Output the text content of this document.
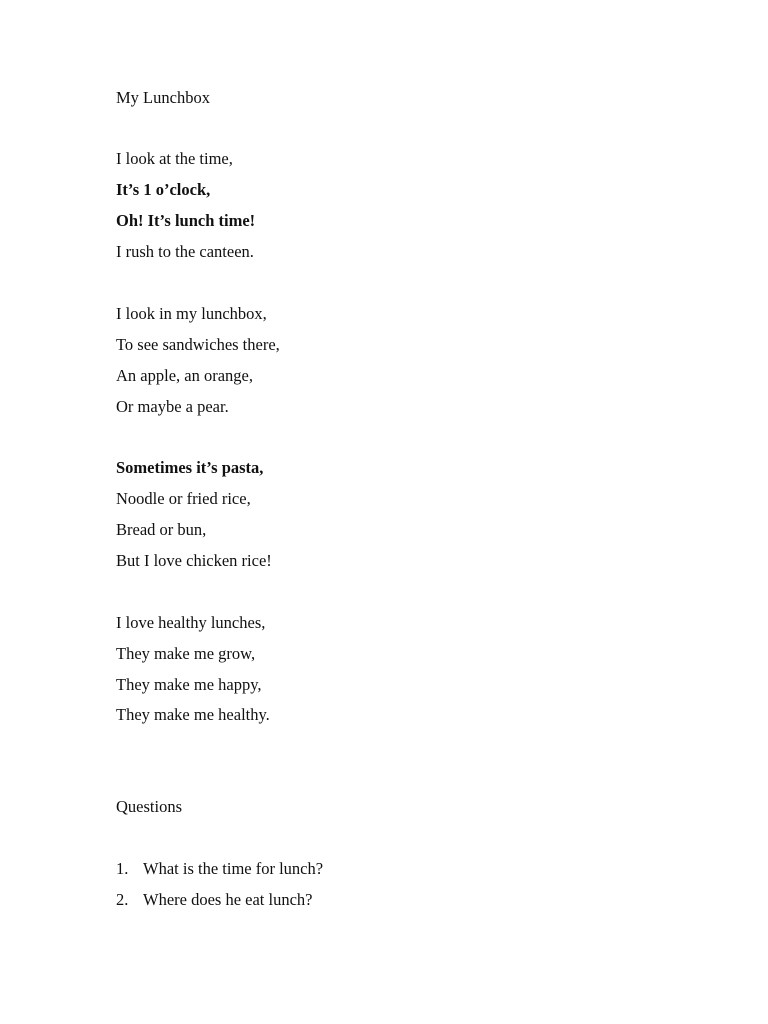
My Lunchbox
I look at the time,
It’s 1 o’clock,
Oh! It’s lunch time!
I rush to the canteen.
I look in my lunchbox,
To see sandwiches there,
An apple, an orange,
Or maybe a pear.
Sometimes it’s pasta,
Noodle or fried rice,
Bread or bun,
But I love chicken rice!
I love healthy lunches,
They make me grow,
They make me happy,
They make me healthy.
Questions
1. What is the time for lunch?
2. Where does he eat lunch?
